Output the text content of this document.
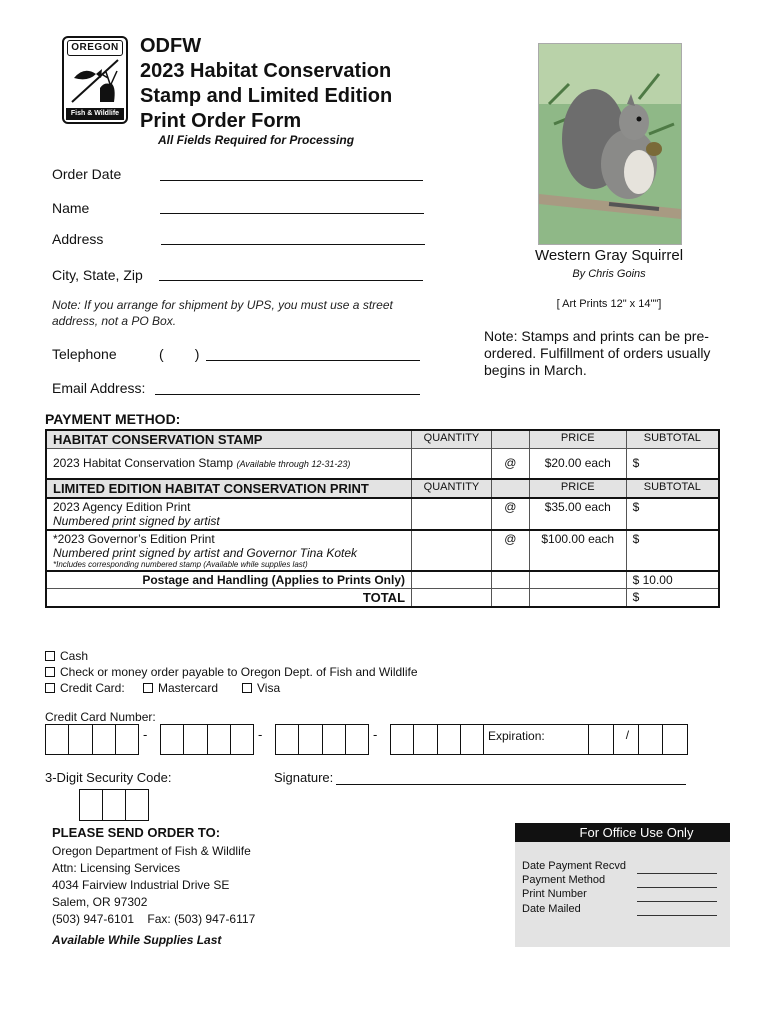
OREGON
Fish & Wildlife
ODFW
2023 Habitat Conservation
Stamp and Limited Edition
Print Order Form
All Fields Required for Processing
Order Date
Name
Address
City, State, Zip
Note: If you arrange for shipment by UPS, you must use a street address, not a PO Box.
Telephone	(        )
Email Address:
Western Gray Squirrel
By Chris Goins
[ Art Prints 12" x 14""]
Note: Stamps and prints can be pre-ordered. Fulfillment of orders usually begins in March.
PAYMENT METHOD:
HABITAT CONSERVATION STAMP	QUANTITY		PRICE	SUBTOTAL
2023 Habitat Conservation Stamp (Available through 12-31-23)		@	$20.00 each	$
LIMITED EDITION HABITAT CONSERVATION PRINT	QUANTITY		PRICE	SUBTOTAL

2023 Agency Edition Print
Numbered print signed by artist		@	$35.00 each	$

*2023 Governor’s Edition Print
Numbered print signed by artist and Governor Tina Kotek
*Includes corresponding numbered stamp (Available while supplies last)		@	$100.00 each	$
Postage and Handling (Applies to Prints Only)				$ 10.00
TOTAL				$
Cash
Check or money order payable to Oregon Dept. of Fish and Wildlife
Credit Card:	Mastercard	Visa
Credit Card Number:
-	-	-	Expiration:	/
3-Digit Security Code:	Signature:
PLEASE SEND ORDER TO:
Oregon Department of Fish & Wildlife
Attn: Licensing Services
4034 Fairview Industrial Drive SE
Salem, OR 97302
(503) 947-6101    Fax: (503) 947-6117
Available While Supplies Last
For Office Use Only
Date Payment Recvd
Payment Method
Print Number
Date Mailed
